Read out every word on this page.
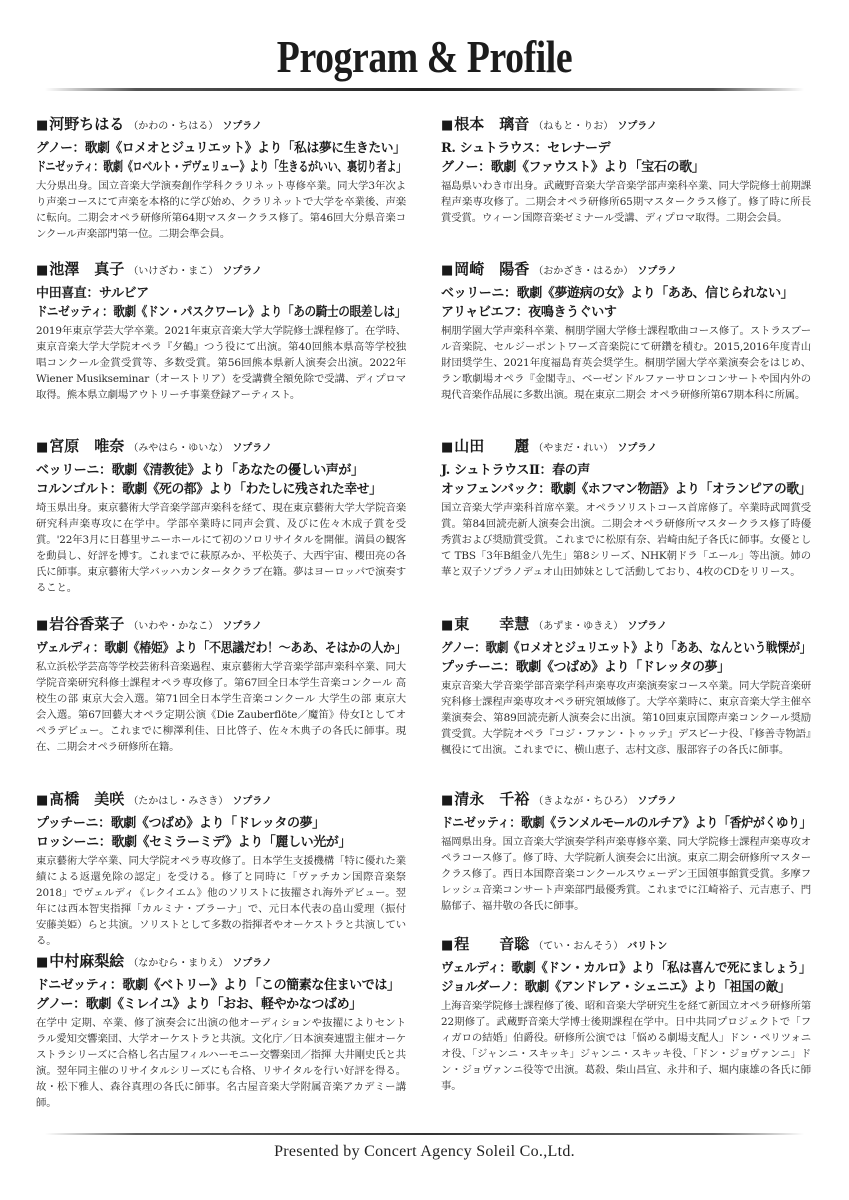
Program & Profile
■河野ちはる （かわの・ちはる） ソプラノ
グノー：歌劇《ロメオとジュリエット》より「私は夢に生きたい」
ドニゼッティ：歌劇《ロベルト・デヴェリュー》より「生きるがいい、裏切り者よ」
大分県出身。国立音楽大学演奏創作学科クラリネット専修卒業。同大学3年次より声楽コースにて声楽を本格的に学び始め、クラリネットで大学を卒業後、声楽に転向。二期会オペラ研修所第64期マスタークラス修了。第46回大分県音楽コンクール声楽部門第一位。二期会準会員。
■池澤　真子 （いけざわ・まこ） ソプラノ
中田喜直：サルビア
ドニゼッティ：歌劇《ドン・パスクワーレ》より「あの騎士の眼差しは」
2019年東京学芸大学卒業。2021年東京音楽大学大学院修士課程修了。在学時、東京音楽大学大学院オペラ『夕鶴』つう役にて出演。第40回熊本県高等学校独唱コンクール金賞受賞等、多数受賞。第56回熊本県新人演奏会出演。2022年Wiener Musikseminar（オーストリア）を受講費全額免除で受講、ディプロマ取得。熊本県立劇場アウトリーチ事業登録アーティスト。
■宮原　唯奈 （みやはら・ゆいな） ソプラノ
ベッリーニ：歌劇《清教徒》より「あなたの優しい声が」
コルンゴルト：歌劇《死の都》より「わたしに残された幸せ」
埼玉県出身。東京藝術大学音楽学部声楽科を経て、現在東京藝術大学大学院音楽研究科声楽専攻に在学中。学部卒業時に同声会賞、及びに佐々木成子賞を受賞。'22年3月に日暮里サニーホールにて初のソロリサイタルを開催。満員の観客を動員し、好評を博す。これまでに萩原みか、平松英子、大西宇宙、櫻田亮の各氏に師事。東京藝術大学バッハカンタータクラブ在籍。夢はヨーロッパで演奏すること。
■岩谷香菜子 （いわや・かなこ） ソプラノ
ヴェルディ：歌劇《椿姫》より「不思議だわ！〜ああ、そはかの人か」
私立浜松学芸高等学校芸術科音楽過程、東京藝術大学音楽学部声楽科卒業、同大学院音楽研究科修士課程オペラ専攻修了。第67回全日本学生音楽コンクール 高校生の部 東京大会入選。第71回全日本学生音楽コンクール 大学生の部 東京大会入選。第67回藝大オペラ定期公演《Die Zauberflöte／魔笛》侍女Ⅰとしてオペラデビュー。これまでに柳澤利佳、日比啓子、佐々木典子の各氏に師事。現在、二期会オペラ研修所在籍。
■髙橋　美咲 （たかはし・みさき） ソプラノ
プッチーニ：歌劇《つばめ》より「ドレッタの夢」
ロッシーニ：歌劇《セミラーミデ》より「麗しい光が」
東京藝術大学卒業、同大学院オペラ専攻修了。日本学生支援機構「特に優れた業績による返還免除の認定」を受ける。修了と同時に「ヴァチカン国際音楽祭2018」でヴェルディ《レクイエム》他のソリストに抜擢され海外デビュー。翌年には西本智実指揮「カルミナ・ブラーナ」で、元日本代表の畠山愛理（振付 安藤美姫）らと共演。ソリストとして多数の指揮者やオーケストラと共演している。
■中村麻梨絵 （なかむら・まりえ） ソプラノ
ドニゼッティ：歌劇《ベトリー》より「この簡素な住まいでは」
グノー：歌劇《ミレイユ》より「おお、軽やかなつばめ」
在学中 定期、卒業、修了演奏会に出演の他オーディションや抜擢によりセントラル愛知交響楽団、大学オーケストラと共演。文化庁／日本演奏連盟主催オーケストラシリーズに合格し名古屋フィルハーモニー交響楽団／指揮 大井剛史氏と共演。翌年同主催のリサイタルシリーズにも合格、リサイタルを行い好評を得る。故・松下雅人、森谷真理の各氏に師事。名古屋音楽大学附属音楽アカデミー講師。
■根本　璃音 （ねもと・りお） ソプラノ
R. シュトラウス：セレナーデ
グノー：歌劇《ファウスト》より「宝石の歌」
福島県いわき市出身。武蔵野音楽大学音楽学部声楽科卒業、同大学院修士前期課程声楽専攻修了。二期会オペラ研修所65期マスタークラス修了。修了時に所長賞受賞。ウィーン国際音楽ゼミナール受講、ディプロマ取得。二期会会員。
■岡崎　陽香 （おかざき・はるか） ソプラノ
ベッリーニ：歌劇《夢遊病の女》より「ああ、信じられない」
アリャビエフ：夜鳴きうぐいす
桐朋学園大学声楽科卒業、桐朋学園大学修士課程歌曲コース修了。ストラスブール音楽院、セルジーポントワーズ音楽院にて研鑽を積む。2015,2016年度青山財団奨学生、2021年度福島育英会奨学生。桐朋学園大学卒業演奏会をはじめ、ラン歌劇場オペラ『金閣寺』、ベーゼンドルファーサロンコンサートや国内外の現代音楽作品展に多数出演。現在東京二期会 オペラ研修所第67期本科に所属。
■山田　　麗 （やまだ・れい） ソプラノ
J. シュトラウスⅡ：春の声
オッフェンバック：歌劇《ホフマン物語》より「オランピアの歌」
国立音楽大学声楽科首席卒業。オペラソリストコース首席修了。卒業時武岡賞受賞。第84回読売新人演奏会出演。二期会オペラ研修所マスタークラス修了時優秀賞および奨励賞受賞。これまでに松原有奈、岩崎由紀子各氏に師事。女優として TBS「3年B組金八先生」第8シリーズ、NHK朝ドラ「エール」等出演。姉の華と双子ソプラノデュオ山田姉妹として活動しており、4枚のCDをリリース。
■東　　幸慧 （あずま・ゆきえ） ソプラノ
グノー：歌劇《ロメオとジュリエット》より「ああ、なんという戦慄が」
プッチーニ：歌劇《つばめ》より「ドレッタの夢」
東京音楽大学音楽学部音楽学科声楽専攻声楽演奏家コース卒業。同大学院音楽研究科修士課程声楽専攻オペラ研究領域修了。大学卒業時に、東京音楽大学主催卒業演奏会、第89回読売新人演奏会に出演。第10回東京国際声楽コンクール奨励賞受賞。大学院オペラ『コジ・ファン・トゥッテ』デスピーナ役、『修善寺物語』楓役にて出演。これまでに、横山恵子、志村文彦、服部容子の各氏に師事。
■清永　千裕 （きよなが・ちひろ） ソプラノ
ドニゼッティ：歌劇《ランメルモールのルチア》より「香炉がくゆり」
福岡県出身。国立音楽大学演奏学科声楽専修卒業、同大学院修士課程声楽専攻オペラコース修了。修了時、大学院新人演奏会に出演。東京二期会研修所マスタークラス修了。西日本国際音楽コンクールスウェーデン王国領事館賞受賞。多摩フレッシュ音楽コンサート声楽部門最優秀賞。これまでに江崎裕子、元吉恵子、門脇郁子、福井敬の各氏に師事。
■程　　音聡 （てい・おんそう） バリトン
ヴェルディ：歌劇《ドン・カルロ》より「私は喜んで死にましょう」
ジョルダーノ：歌劇《アンドレア・シェニエ》より「祖国の敵」
上海音楽学院修士課程修了後、昭和音楽大学研究生を経て新国立オペラ研修所第22期修了。武蔵野音楽大学博士後期課程在学中。日中共同プロジェクトで「フィガロの結婚」伯爵役。研修所公演では「悩める劇場支配人」ドン・ペリツォニオ役、「ジャンニ・スキッキ」ジャンニ・スキッキ役、「ドン・ジョヴァンニ」ドン・ジョヴァンニ役等で出演。葛殺、柴山昌宣、永井和子、堀内康雄の各氏に師事。
Presented by Concert Agency Soleil Co.,Ltd.
